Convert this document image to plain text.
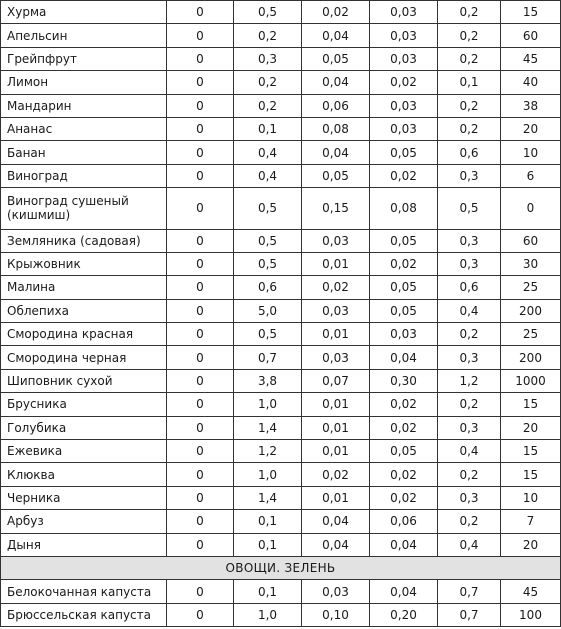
Хурма	0	0,5	0,02	0,03	0,2	15
Апельсин	0	0,2	0,04	0,03	0,2	60
Грейпфрут	0	0,3	0,05	0,03	0,2	45
Лимон	0	0,2	0,04	0,02	0,1	40
Мандарин	0	0,2	0,06	0,03	0,2	38
Ананас	0	0,1	0,08	0,03	0,2	20
Банан	0	0,4	0,04	0,05	0,6	10
Виноград	0	0,4	0,05	0,02	0,3	6
Виноград сушеный (кишмиш)	0	0,5	0,15	0,08	0,5	0
Земляника (садовая)	0	0,5	0,03	0,05	0,3	60
Крыжовник	0	0,5	0,01	0,02	0,3	30
Малина	0	0,6	0,02	0,05	0,6	25
Облепиха	0	5,0	0,03	0,05	0,4	200
Смородина красная	0	0,5	0,01	0,03	0,2	25
Смородина черная	0	0,7	0,03	0,04	0,3	200
Шиповник сухой	0	3,8	0,07	0,30	1,2	1000
Брусника	0	1,0	0,01	0,02	0,2	15
Голубика	0	1,4	0,01	0,02	0,3	20
Ежевика	0	1,2	0,01	0,05	0,4	15
Клюква	0	1,0	0,02	0,02	0,2	15
Черника	0	1,4	0,01	0,02	0,3	10
Арбуз	0	0,1	0,04	0,06	0,2	7
Дыня	0	0,1	0,04	0,04	0,4	20
ОВОЩИ. ЗЕЛЕНЬ						
Белокочанная капуста	0	0,1	0,03	0,04	0,7	45
Брюссельская капуста	0	1,0	0,10	0,20	0,7	100
